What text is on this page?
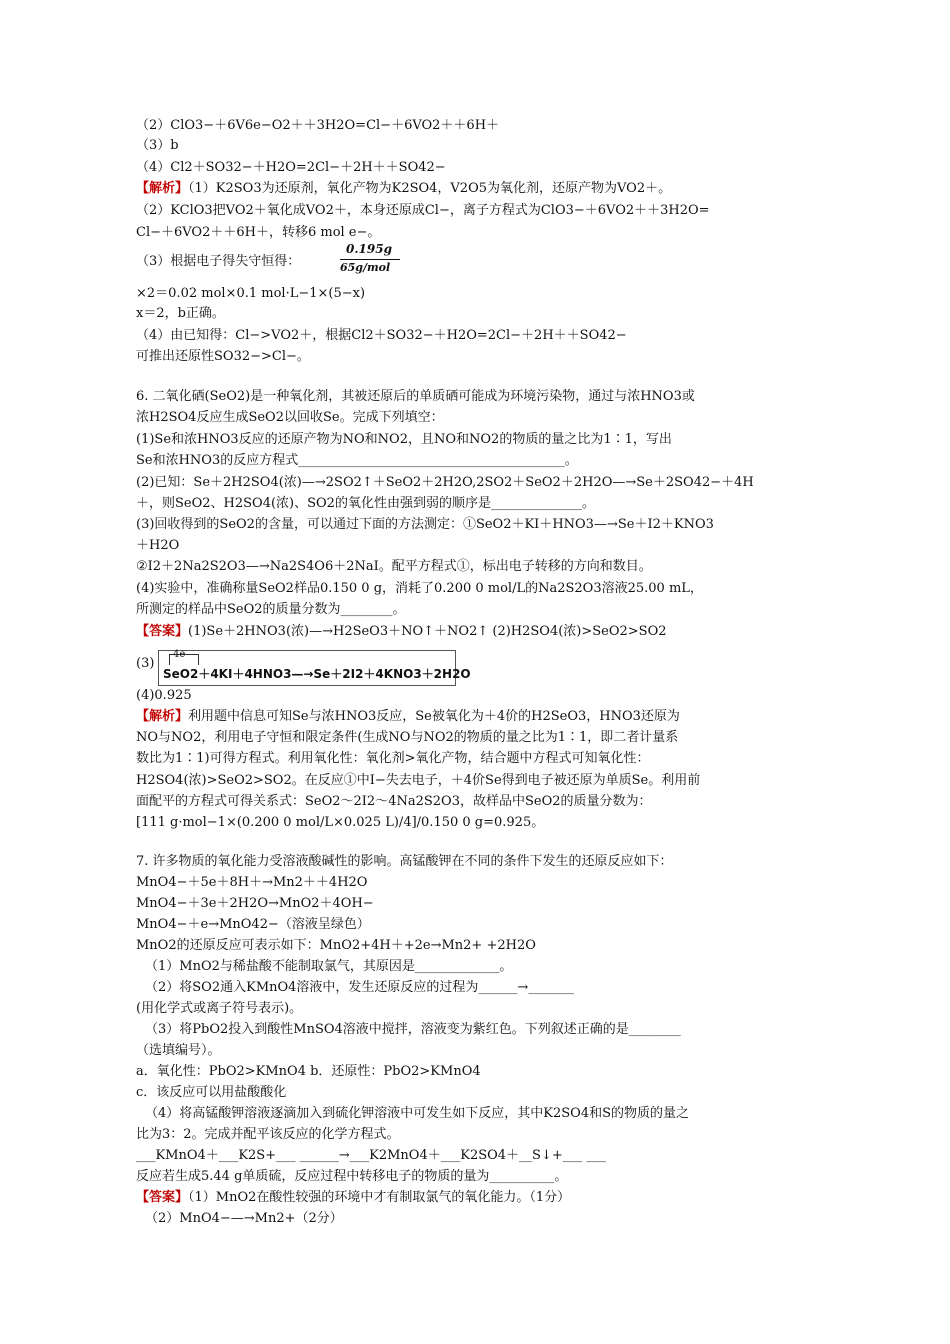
（2）ClO3−＋6V6e−O2＋＋3H2O=Cl−＋6VO2＋＋6H＋
（3）b
（4）Cl2＋SO32−＋H2O=2Cl−＋2H＋＋SO42−
【解析】（1）K2SO3为还原剂，氧化产物为K2SO4，V2O5为氧化剂，还原产物为VO2＋。
（2）KClO3把VO2＋氧化成VO2＋，本身还原成Cl−，离子方程式为ClO3−＋6VO2＋＋3H2O=
Cl−＋6VO2＋＋6H＋，转移6 mol e−。
（3）根据电子得失守恒得：
×2＝0.02 mol×0.1 mol·L−1×(5−x)
x＝2，b正确。
（4）由已知得：Cl−>VO2＋，根据Cl2＋SO32−＋H2O=2Cl−＋2H＋＋SO42−
可推出还原性SO32−>Cl−。
6. 二氧化硒(SeO2)是一种氧化剂，其被还原后的单质硒可能成为环境污染物，通过与浓HNO3或
浓H2SO4反应生成SeO2以回收Se。完成下列填空：
(1)Se和浓HNO3反应的还原产物为NO和NO2，且NO和NO2的物质的量之比为1∶1，写出
Se和浓HNO3的反应方程式_________________________________________。
(2)已知：Se＋2H2SO4(浓)—→2SO2↑＋SeO2＋2H2O,2SO2＋SeO2＋2H2O—→Se＋2SO42−＋4H
＋，则SeO2、H2SO4(浓)、SO2的氧化性由强到弱的顺序是______________。
(3)回收得到的SeO2的含量，可以通过下面的方法测定：①SeO2＋KI＋HNO3—→Se＋I2＋KNO3
＋H2O
②I2＋2Na2S2O3—→Na2S4O6＋2NaI。配平方程式①，标出电子转移的方向和数目。
(4)实验中，准确称量SeO2样品0.150 0 g，消耗了0.200 0 mol/L的Na2S2O3溶液25.00 mL，
所测定的样品中SeO2的质量分数为________。
【答案】(1)Se＋2HNO3(浓)—→H2SeO3＋NO↑＋NO2↑ (2)H2SO4(浓)>SeO2>SO2
(3)
(4)0.925
【解析】利用题中信息可知Se与浓HNO3反应，Se被氧化为＋4价的H2SeO3，HNO3还原为
NO与NO2，利用电子守恒和限定条件(生成NO与NO2的物质的量之比为1∶1，即二者计量系
数比为1∶1)可得方程式。利用氧化性：氧化剂>氧化产物，结合题中方程式可知氧化性：
H2SO4(浓)>SeO2>SO2。在反应①中I−失去电子，＋4价Se得到电子被还原为单质Se。利用前
面配平的方程式可得关系式：SeO2～2I2～4Na2S2O3，故样品中SeO2的质量分数为：
[111 g·mol−1×(0.200 0 mol/L×0.025 L)/4]/0.150 0 g=0.925。
7. 许多物质的氧化能力受溶液酸碱性的影响。高锰酸钾在不同的条件下发生的还原反应如下：
MnO4−＋5e＋8H＋→Mn2＋＋4H2O
MnO4−＋3e＋2H2O→MnO2＋4OH−
MnO4−＋e→MnO42−（溶液呈绿色）
MnO2的还原反应可表示如下：MnO2+4H＋+2e→Mn2+ +2H2O
（1）MnO2与稀盐酸不能制取氯气，其原因是_____________。
（2）将SO2通入KMnO4溶液中，发生还原反应的过程为______→_______
(用化学式或离子符号表示)。
（3）将PbO2投入到酸性MnSO4溶液中搅拌，溶液变为紫红色。下列叙述正确的是________
（选填编号）。
a．氧化性：PbO2>KMnO4 b．还原性：PbO2>KMnO4
c．该反应可以用盐酸酸化
（4）将高锰酸钾溶液逐滴加入到硫化钾溶液中可发生如下反应，其中K2SO4和S的物质的量之
比为3：2。完成并配平该反应的化学方程式。
___KMnO4＋___K2S+___ ______→___K2MnO4＋___K2SO4＋__S↓+___ ___
反应若生成5.44 g单质硫，反应过程中转移电子的物质的量为__________。
【答案】（1）MnO2在酸性较强的环境中才有制取氯气的氧化能力。（1分）
（2）MnO4−—→Mn2+（2分）
0.195g
65g/mol
4e
SeO2＋4KI＋4HNO3—→Se＋2I2＋4KNO3＋2H2O
